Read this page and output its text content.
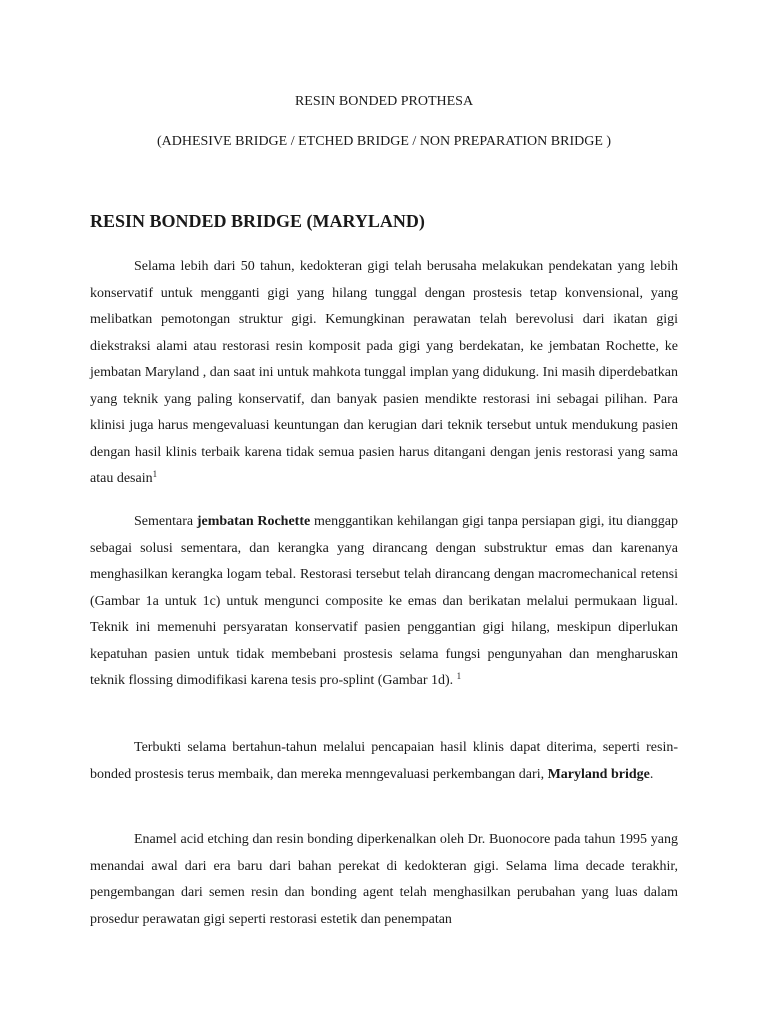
RESIN BONDED PROTHESA
(ADHESIVE BRIDGE / ETCHED BRIDGE / NON PREPARATION BRIDGE )
RESIN BONDED BRIDGE (MARYLAND)

Selama lebih dari 50 tahun, kedokteran gigi telah berusaha melakukan pendekatan yang lebih konservatif untuk mengganti gigi yang hilang tunggal dengan prostesis tetap konvensional, yang melibatkan pemotongan struktur gigi. Kemungkinan perawatan telah berevolusi dari ikatan gigi diekstraksi alami atau restorasi resin komposit pada gigi yang berdekatan, ke jembatan Rochette, ke jembatan Maryland , dan saat ini untuk mahkota tunggal implan yang didukung. Ini masih diperdebatkan yang teknik yang paling konservatif, dan banyak pasien mendikte restorasi ini sebagai pilihan. Para klinisi juga harus mengevaluasi keuntungan dan kerugian dari teknik tersebut untuk mendukung pasien dengan hasil klinis terbaik karena tidak semua pasien harus ditangani dengan jenis restorasi yang sama atau desain$^1$

Sementara jembatan Rochette menggantikan kehilangan gigi tanpa persiapan gigi, itu dianggap sebagai solusi sementara, dan kerangka yang dirancang dengan substruktur emas dan karenanya menghasilkan kerangka logam tebal. Restorasi tersebut telah dirancang dengan macromechanical retensi (Gambar 1a untuk 1c) untuk mengunci composite ke emas dan berikatan melalui permukaan ligual. Teknik ini memenuhi persyaratan konservatif pasien penggantian gigi hilang, meskipun diperlukan kepatuhan pasien untuk tidak membebani prostesis selama fungsi pengunyahan dan mengharuskan teknik flossing dimodifikasi karena tesis pro-splint (Gambar 1d). $^1$

Terbukti selama bertahun-tahun melalui pencapaian hasil klinis dapat diterima, seperti resin-bonded prostesis terus membaik, dan mereka menngevaluasi perkembangan dari, Maryland bridge.

Enamel acid etching dan resin bonding diperkenalkan oleh Dr. Buonocore pada tahun 1995 yang menandai awal dari era baru dari bahan perekat di kedokteran gigi. Selama lima decade terakhir, pengembangan dari semen resin dan bonding agent telah menghasilkan perubahan yang luas dalam prosedur perawatan gigi seperti restorasi estetik dan penempatan
